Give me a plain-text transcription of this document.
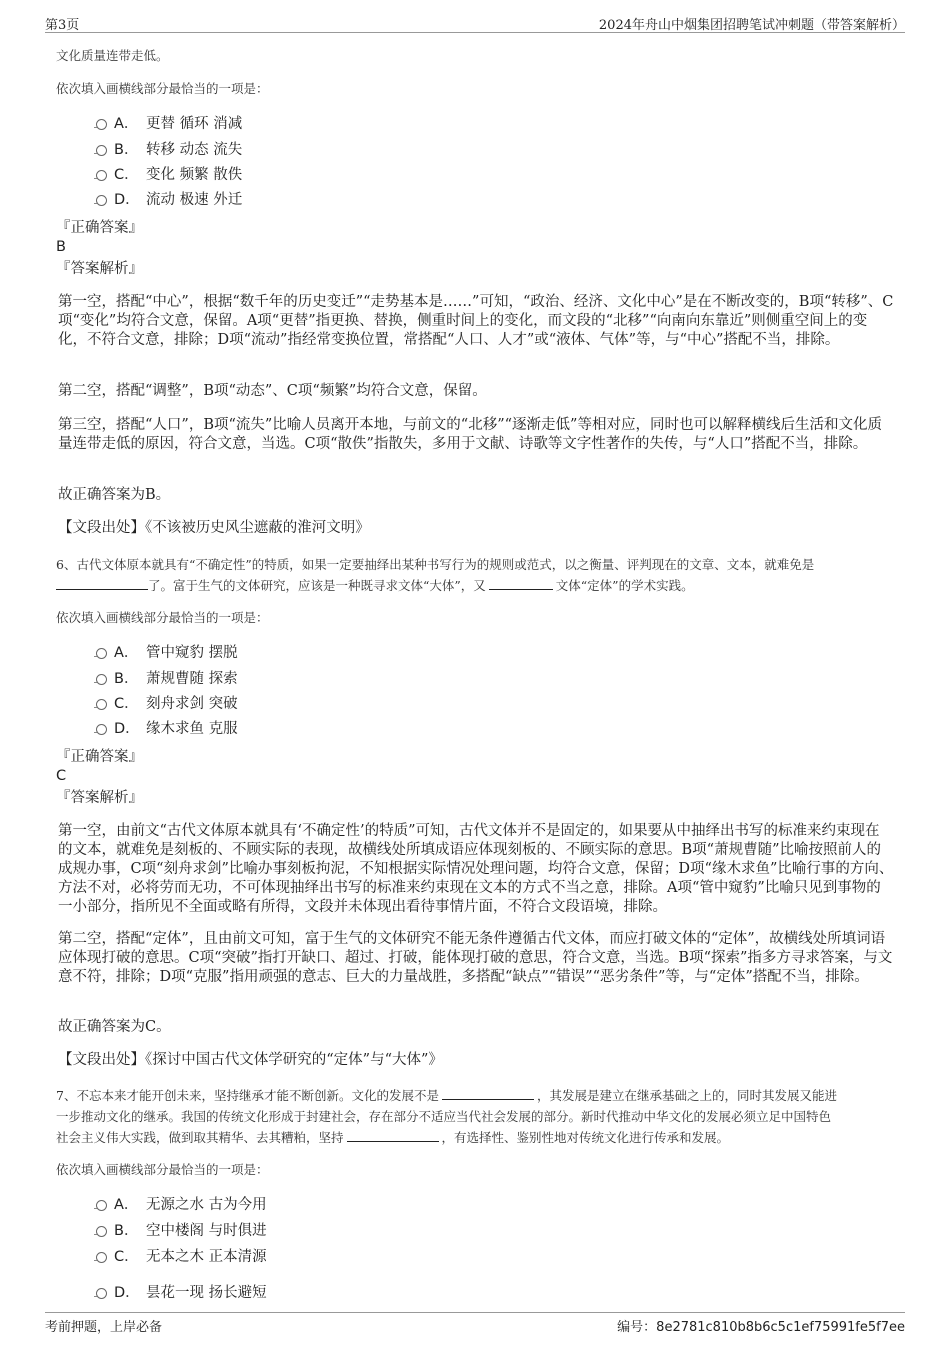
第3页	2024年舟山中烟集团招聘笔试冲刺题（带答案解析）
文化质量连带走低。
依次填入画横线部分最恰当的一项是：
A． 更替 循环 消减
B． 转移 动态 流失
C． 变化 频繁 散佚
D． 流动 极速 外迁
『正确答案』
B
『答案解析』
第一空，搭配“中心”，根据“数千年的历史变迁”“走势基本是……”可知，“政治、经济、文化中心”是在不断改变的，B项“转移”、C项“变化”均符合文意，保留。A项“更替”指更换、替换，侧重时间上的变化，而文段的“北移”“向南向东靠近”则侧重空间上的变化，不符合文意，排除；D项“流动”指经常变换位置，常搭配“人口、人才”或“液体、气体”等，与“中心”搭配不当，排除。
第二空，搭配“调整”，B项“动态”、C项“频繁”均符合文意，保留。
第三空，搭配“人口”，B项“流失”比喻人员离开本地，与前文的“北移”“逐渐走低”等相对应，同时也可以解释横线后生活和文化质量连带走低的原因，符合文意，当选。C项“散佚”指散失，多用于文献、诗歌等文字性著作的失传，与“人口”搭配不当，排除。
故正确答案为B。
【文段出处】《不该被历史风尘遮蔽的淮河文明》
6、古代文体原本就具有“不确定性”的特质，如果一定要抽绎出某种书写行为的规则或范式，以之衡量、评判现在的文章、文本，就难免是
了。富于生气的文体研究，应该是一种既寻求文体“大体”，又	文体“定体”的学术实践。
依次填入画横线部分最恰当的一项是：
A． 管中窥豹 摆脱
B． 萧规曹随 探索
C． 刻舟求剑 突破
D． 缘木求鱼 克服
『正确答案』
C
『答案解析』
第一空，由前文“古代文体原本就具有‘不确定性’的特质”可知，古代文体并不是固定的，如果要从中抽绎出书写的标准来约束现在的文本，就难免是刻板的、不顾实际的表现，故横线处所填成语应体现刻板的、不顾实际的意思。B项“萧规曹随”比喻按照前人的成规办事，C项“刻舟求剑”比喻办事刻板拘泥，不知根据实际情况处理问题，均符合文意，保留；D项“缘木求鱼”比喻行事的方向、方法不对，必将劳而无功，不可体现抽绎出书写的标准来约束现在文本的方式不当之意，排除。A项“管中窥豹”比喻只见到事物的一小部分，指所见不全面或略有所得，文段并未体现出看待事情片面，不符合文段语境，排除。
第二空，搭配“定体”，且由前文可知，富于生气的文体研究不能无条件遵循古代文体，而应打破文体的“定体”，故横线处所填词语应体现打破的意思。C项“突破”指打开缺口、超过、打破，能体现打破的意思，符合文意，当选。B项“探索”指多方寻求答案，与文意不符，排除；D项“克服”指用顽强的意志、巨大的力量战胜，多搭配“缺点”“错误”“恶劣条件”等，与“定体”搭配不当，排除。
故正确答案为C。
【文段出处】《探讨中国古代文体学研究的“定体”与“大体”》
7、不忘本来才能开创未来，坚持继承才能不断创新。文化的发展不是	，其发展是建立在继承基础之上的，同时其发展又能进
一步推动文化的继承。我国的传统文化形成于封建社会，存在部分不适应当代社会发展的部分。新时代推动中华文化的发展必须立足中国特色
社会主义伟大实践，做到取其精华、去其糟粕，坚持	，有选择性、鉴别性地对传统文化进行传承和发展。
依次填入画横线部分最恰当的一项是：
A． 无源之水 古为今用
B． 空中楼阁 与时俱进
C． 无本之木 正本清源
D． 昙花一现 扬长避短
考前押题，上岸必备	编号：8e2781c810b8b6c5c1ef75991fe5f7ee
